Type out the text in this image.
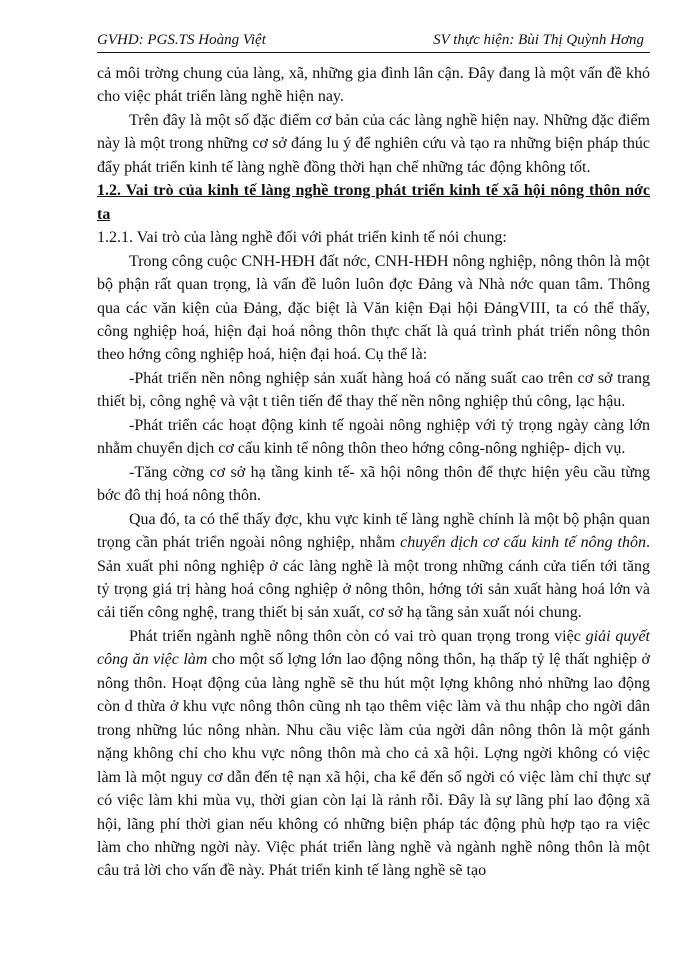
GVHD: PGS.TS Hoàng Việt	SV thực hiện: Bùi Thị Quỳnh Hơng

cả môi trờng chung của làng, xã, những gia đình lân cận. Đây đang là một vấn đề khó cho việc phát triển làng nghề hiện nay.

Trên đây là một số đặc điểm cơ bản của các làng nghề hiện nay. Những đặc điểm này là một trong những cơ sở đáng lu ý để nghiên cứu và tạo ra những biện pháp thúc đẩy phát triển kinh tế làng nghề đồng thời hạn chế những tác động không tốt.

1.2. Vai trò của kinh tế làng nghề trong phát triển kinh tế xã hội nông thôn nớc ta

1.2.1. Vai trò của làng nghề đối với phát triển kinh tế nói chung:

Trong công cuộc CNH-HĐH đất nớc, CNH-HĐH nông nghiệp, nông thôn là một bộ phận rất quan trọng, là vấn đề luôn luôn đợc Đảng và Nhà nớc quan tâm. Thông qua các văn kiện của Đảng, đặc biệt là Văn kiện Đại hội ĐảngVIII, ta có thể thấy, công nghiệp hoá, hiện đại hoá nông thôn thực chất là quá trình phát triển nông thôn theo hớng công nghiệp hoá, hiện đại hoá. Cụ thể là:

-Phát triển nền nông nghiệp sản xuất hàng hoá có năng suất cao trên cơ sở trang thiết bị, công nghệ và vật t tiên tiến để thay thế nền nông nghiệp thủ công, lạc hậu.

-Phát triển các hoạt động kinh tế ngoài nông nghiệp với tỷ trọng ngày càng lớn nhằm chuyển dịch cơ cấu kinh tế nông thôn theo hớng công-nông nghiệp- dịch vụ.

-Tăng cờng cơ sở hạ tầng kinh tế- xã hội nông thôn để thực hiện yêu cầu từng bớc đô thị hoá nông thôn.

Qua đó, ta có thể thấy đợc, khu vực kinh tế làng nghề chính là một bộ phận quan trọng cần phát triển ngoài nông nghiệp, nhằm chuyển dịch cơ cấu kinh tế nông thôn. Sản xuất phi nông nghiệp ở các làng nghề là một trong những cánh cửa tiến tới tăng tỷ trọng giá trị hàng hoá công nghiệp ở nông thôn, hớng tới sản xuất hàng hoá lớn và cải tiến công nghệ, trang thiết bị sản xuất, cơ sở hạ tầng sản xuất nói chung.

Phát triển ngành nghề nông thôn còn có vai trò quan trọng trong việc giải quyết công ăn việc làm cho một số lợng lớn lao động nông thôn, hạ thấp tỷ lệ thất nghiệp ở nông thôn. Hoạt động của làng nghề sẽ thu hút một lợng không nhỏ những lao động còn d thừa ở khu vực nông thôn cũng nh tạo thêm việc làm và thu nhập cho ngời dân trong những lúc nông nhàn. Nhu cầu việc làm của ngời dân nông thôn là một gánh nặng không chỉ cho khu vực nông thôn mà cho cả xã hội. Lợng ngời không có việc làm là một nguy cơ dẫn đến tệ nạn xã hội, cha kể đến số ngời có việc làm chỉ thực sự có việc làm khi mùa vụ, thời gian còn lại là rảnh rỗi. Đây là sự lãng phí lao động xã hội, lãng phí thời gian nếu không có những biện pháp tác động phù hợp tạo ra việc làm cho những ngời này. Việc phát triển làng nghề và ngành nghề nông thôn là một câu trả lời cho vấn đề này. Phát triển kinh tế làng nghề sẽ tạo
